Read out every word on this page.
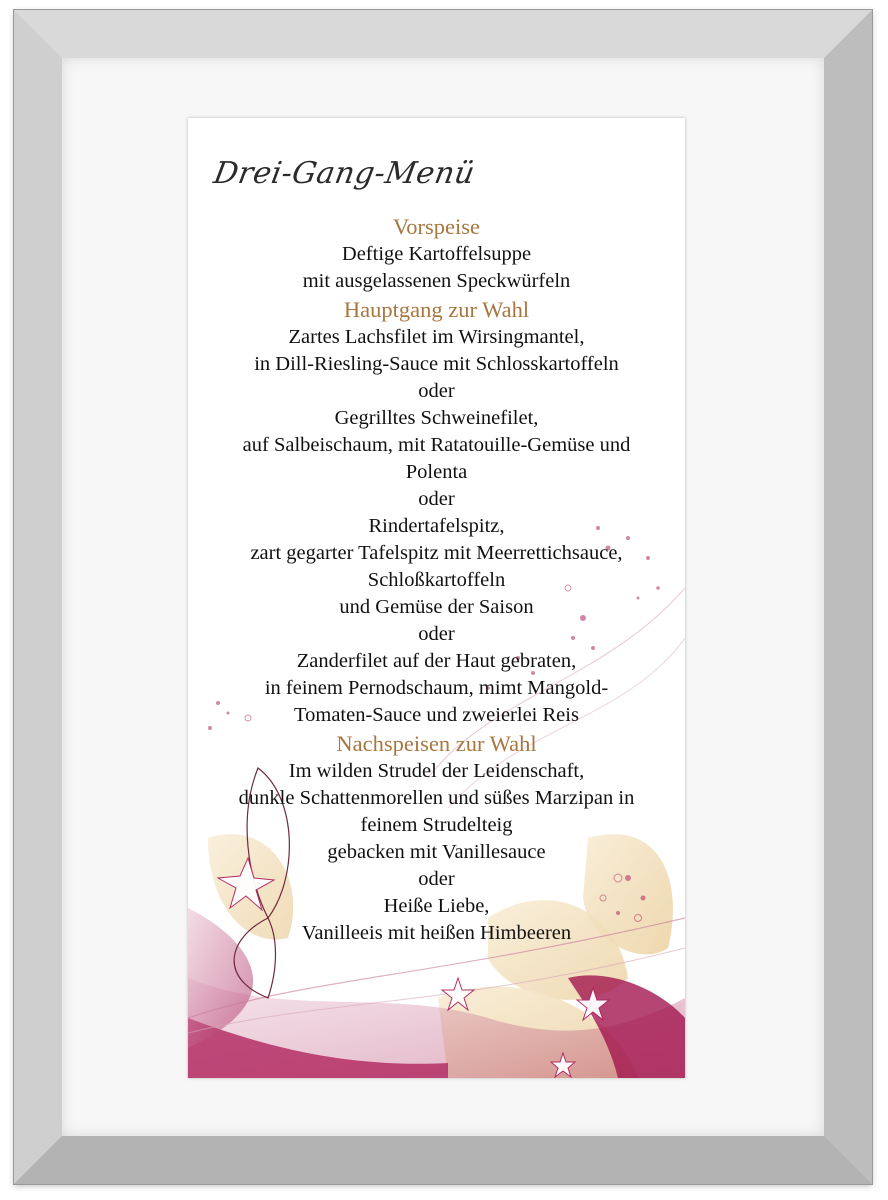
Drei-Gang-Menü
Vorspeise
Deftige Kartoffelsuppe
mit ausgelassenen Speckwürfeln
Hauptgang zur Wahl
Zartes Lachsfilet im Wirsingmantel,
in Dill-Riesling-Sauce mit Schlosskartoffeln
oder
Gegrilltes Schweinefilet,
auf Salbeischaum, mit Ratatouille-Gemüse und
Polenta
oder
Rindertafelspitz,
zart gegarter Tafelspitz mit Meerrettichsauce,
Schloßkartoffeln
und Gemüse der Saison
oder
Zanderfilet auf der Haut gebraten,
in feinem Pernodschaum, mimt Mangold-
Tomaten-Sauce und zweierlei Reis
Nachspeisen zur Wahl
Im wilden Strudel der Leidenschaft,
dunkle Schattenmorellen und süßes Marzipan in
feinem Strudelteig
gebacken mit Vanillesauce
oder
Heiße Liebe,
Vanilleeis mit heißen Himbeeren
